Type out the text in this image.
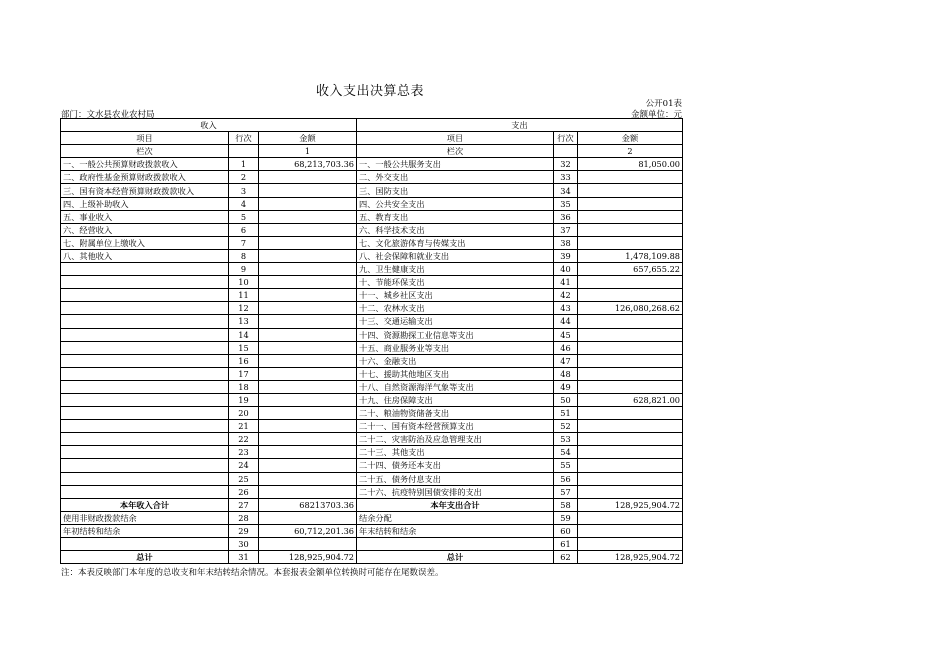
收入支出决算总表
公开01表
部门：文水县农业农村局	金额单位：元
收入			支出		
项目	行次	金额	项目	行次	金额
栏次		1	栏次		2
一、一般公共预算财政拨款收入	1	68,213,703.36	一、一般公共服务支出	32	81,050.00
二、政府性基金预算财政拨款收入	2		二、外交支出	33	
三、国有资本经营预算财政拨款收入	3		三、国防支出	34	
四、上级补助收入	4		四、公共安全支出	35	
五、事业收入	5		五、教育支出	36	
六、经营收入	6		六、科学技术支出	37	
七、附属单位上缴收入	7		七、文化旅游体育与传媒支出	38	
八、其他收入	8		八、社会保障和就业支出	39	1,478,109.88
	9		九、卫生健康支出	40	657,655.22
	10		十、节能环保支出	41	
	11		十一、城乡社区支出	42	
	12		十二、农林水支出	43	126,080,268.62
	13		十三、交通运输支出	44	
	14		十四、资源勘探工业信息等支出	45	
	15		十五、商业服务业等支出	46	
	16		十六、金融支出	47	
	17		十七、援助其他地区支出	48	
	18		十八、自然资源海洋气象等支出	49	
	19		十九、住房保障支出	50	628,821.00
	20		二十、粮油物资储备支出	51	
	21		二十一、国有资本经营预算支出	52	
	22		二十二、灾害防治及应急管理支出	53	
	23		二十三、其他支出	54	
	24		二十四、债务还本支出	55	
	25		二十五、债务付息支出	56	
	26		二十六、抗疫特别国债安排的支出	57	
本年收入合计	27	68213703.36	本年支出合计	58	128,925,904.72
使用非财政拨款结余	28		结余分配	59	
年初结转和结余	29	60,712,201.36	年末结转和结余	60	
	30			61	
总计	31	128,925,904.72	总计	62	128,925,904.72
注：本表反映部门本年度的总收支和年末结转结余情况。本套报表金额单位转换时可能存在尾数误差。
